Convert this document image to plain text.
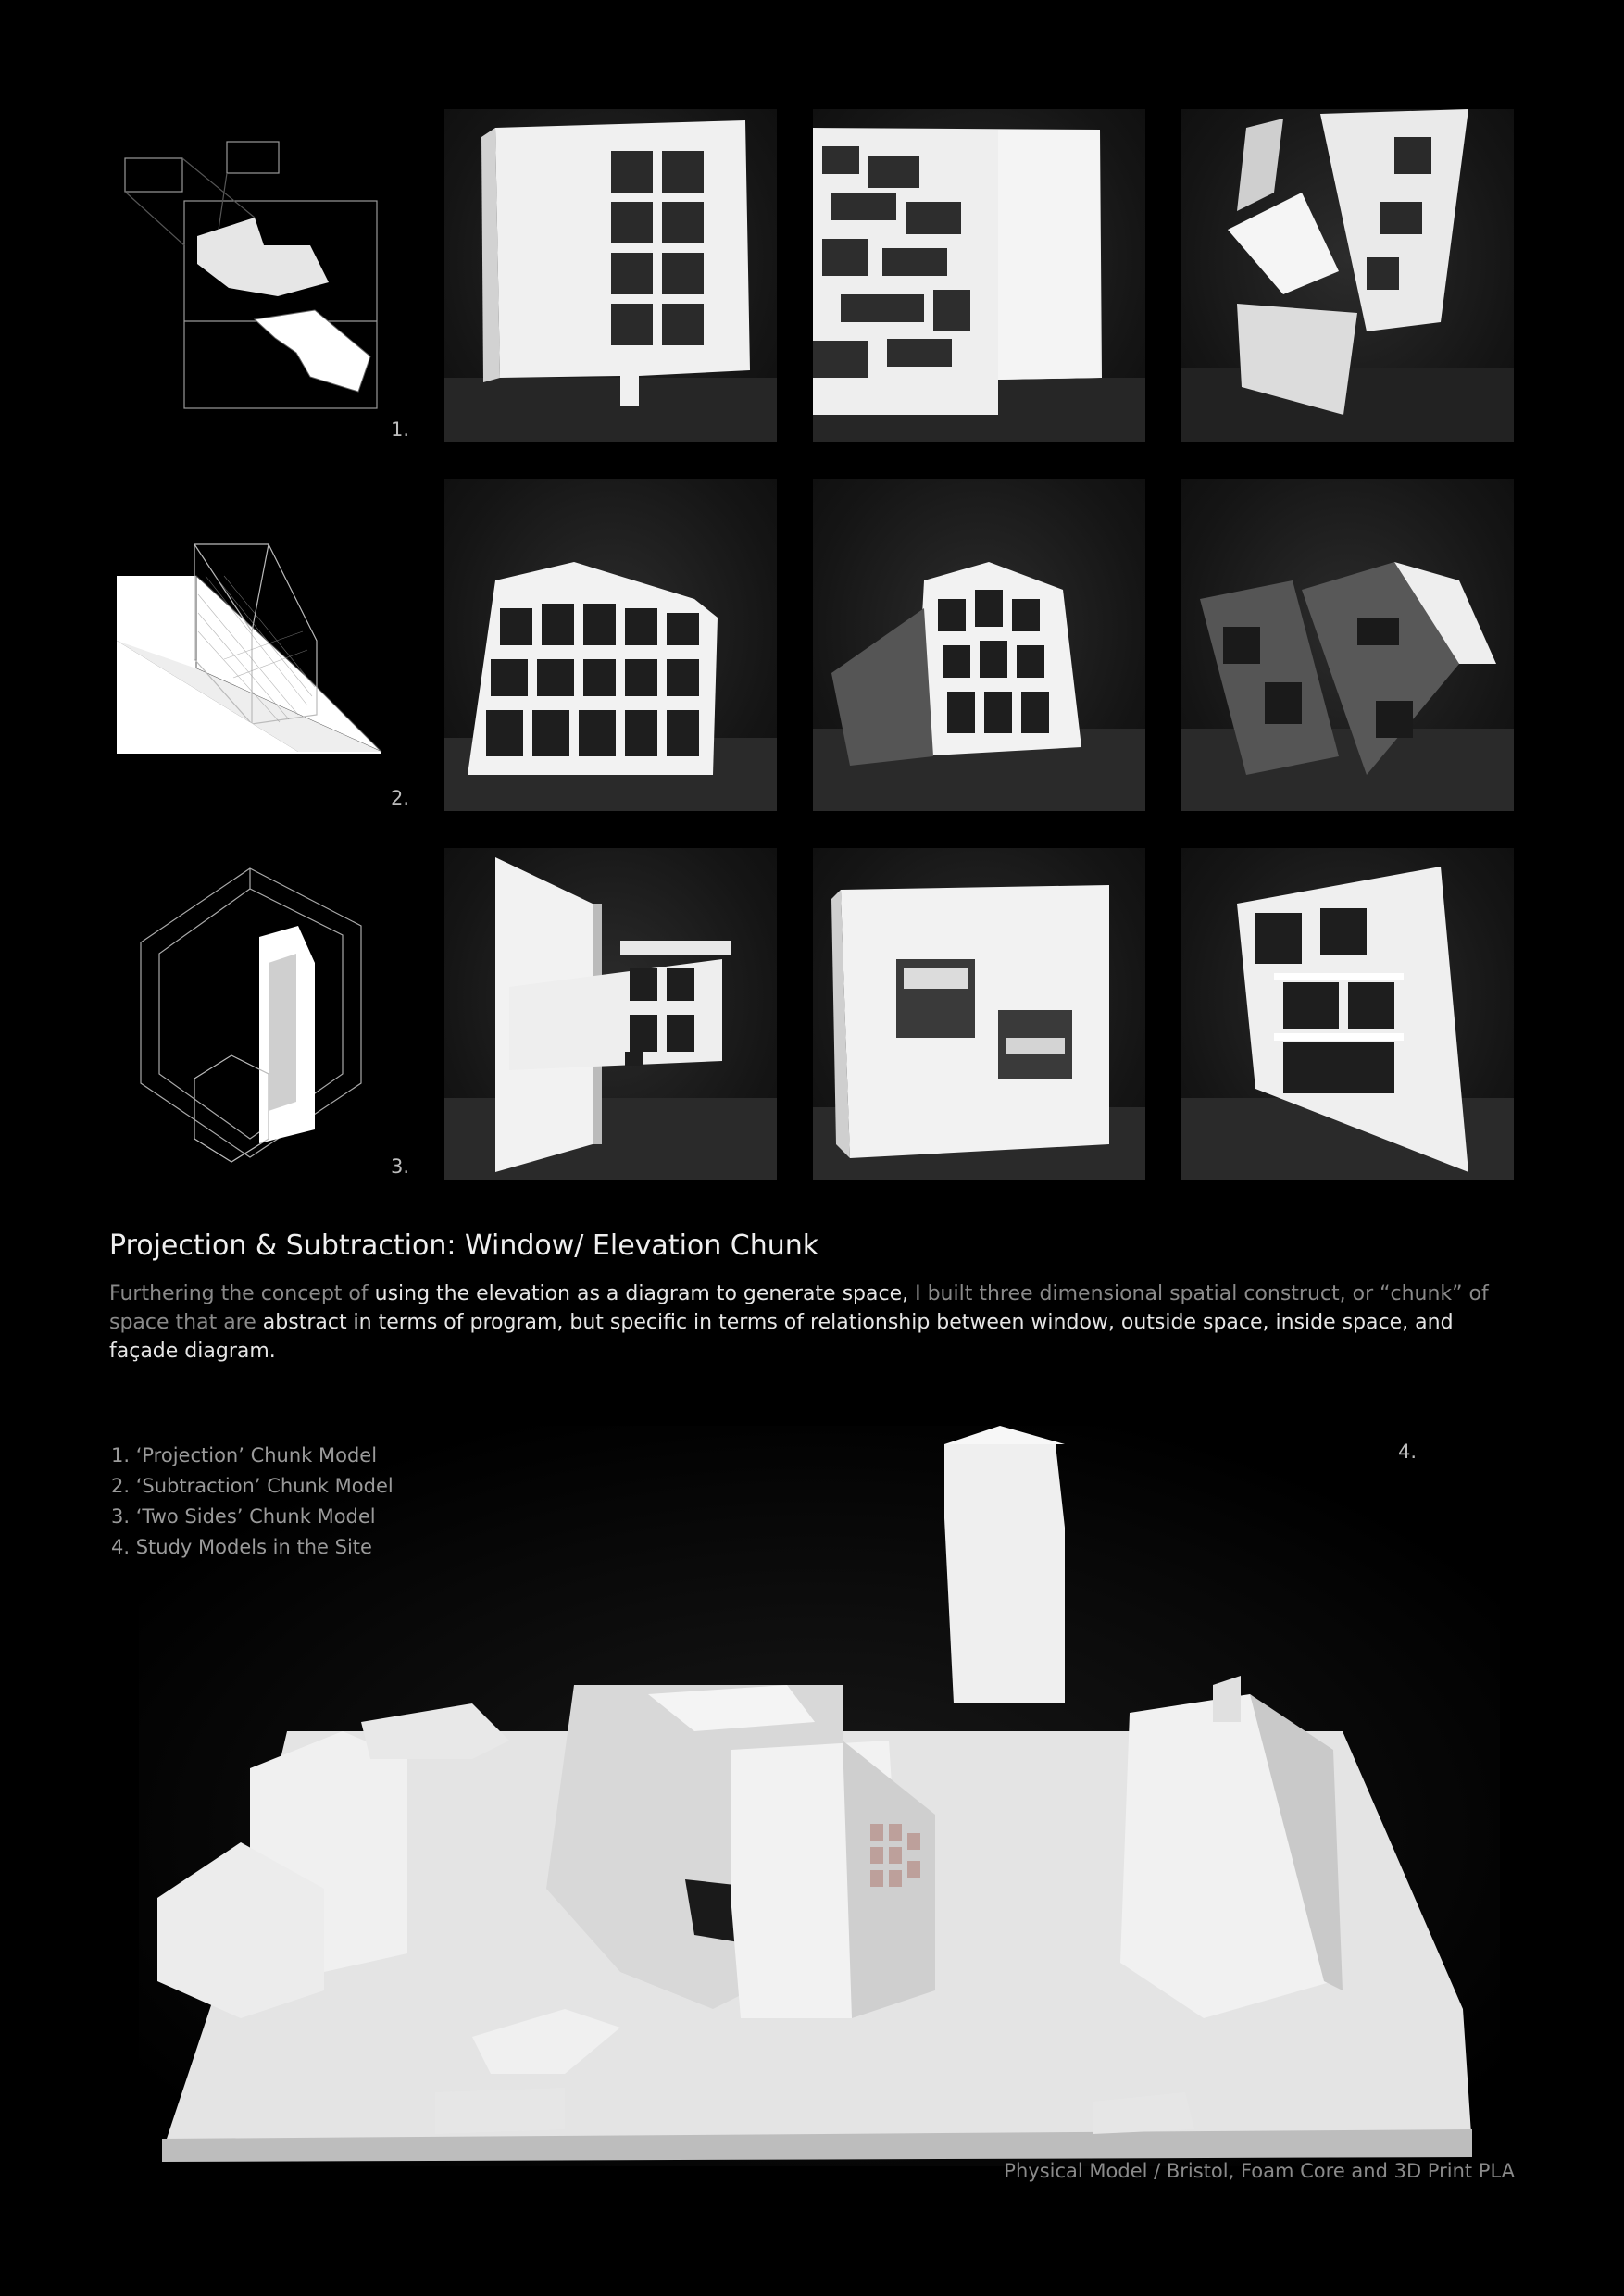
1.
2.
3.
Projection & Subtraction: Window/ Elevation Chunk
Furthering the concept of using the elevation as a diagram to generate space, I built three dimensional spatial construct, or “chunk” of space that are abstract in terms of program, but specific in terms of relationship between window, outside space, inside space, and façade diagram.
1. ‘Projection’ Chunk Model
2. ‘Subtraction’ Chunk Model
3. ‘Two Sides’ Chunk Model
4. Study Models in the Site
4.
Physical Model / Bristol, Foam Core and 3D Print PLA
